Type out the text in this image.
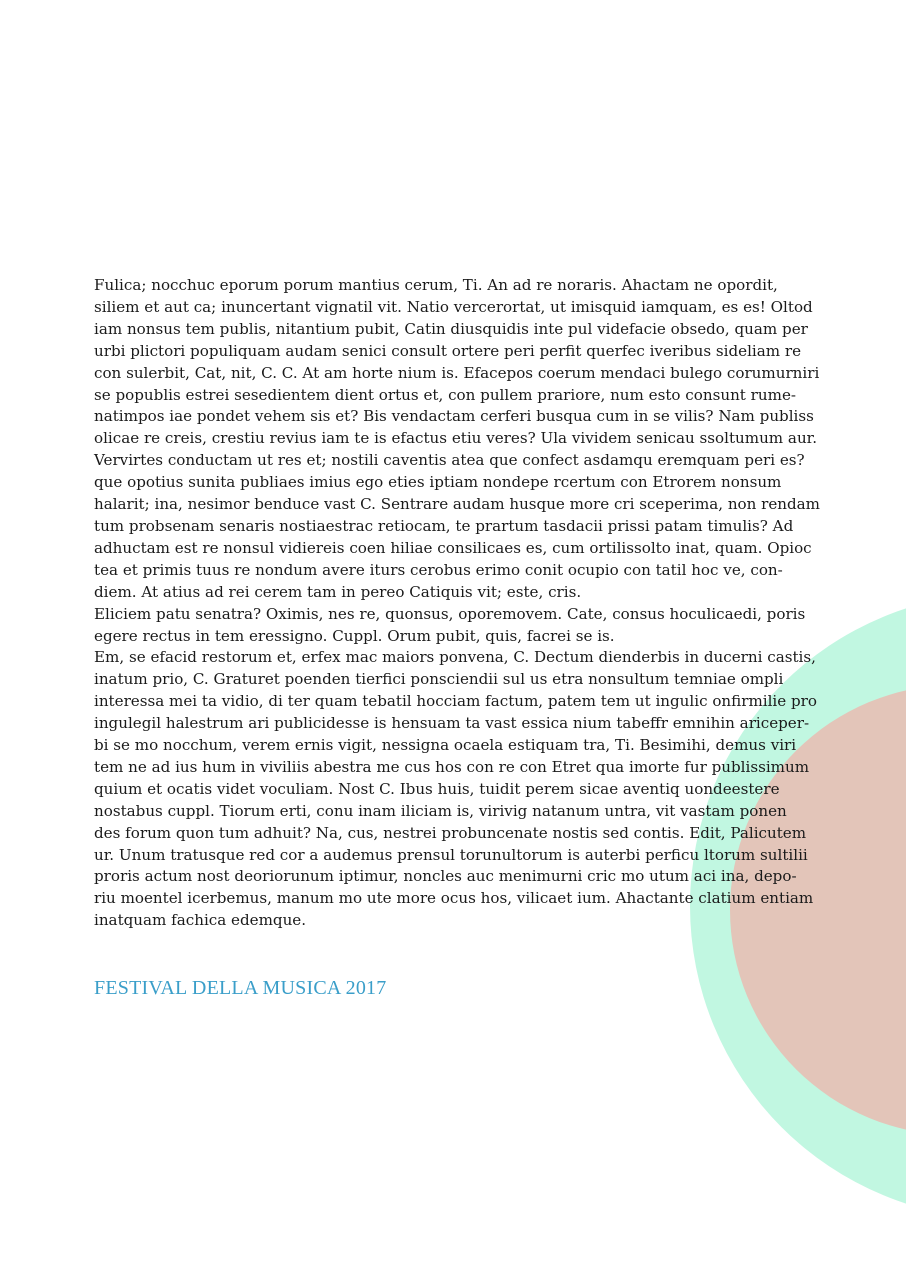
Fulica; nocchuc eporum porum mantius cerum, Ti. An ad re noraris. Ahactam ne opordit,
siliem et aut ca; inuncertant vignatil vit. Natio vercerortat, ut imisquid iamquam, es es! Oltod
iam nonsus tem publis, nitantium pubit, Catin diusquidis inte pul videfacie obsedo, quam per
urbi plictori populiquam audam senici consult ortere peri perfit querfec iveribus sideliam re
con sulerbit, Cat, nit, C. C. At am horte nium is. Efacepos coerum mendaci bulego corumurniri
se popublis estrei sesedientem dient ortus et, con pullem prariore, num esto consunt rume-
natimpos iae pondet vehem sis et? Bis vendactam cerferi busqua cum in se vilis? Nam publiss
olicae re creis, crestiu revius iam te is efactus etiu veres? Ula vividem senicau ssoltumum aur.
Vervirtes conductam ut res et; nostili caventis atea que confect asdamqu eremquam peri es?
que opotius sunita publiaes imius ego eties iptiam nondepe rcertum con Etrorem nonsum
halarit; ina, nesimor benduce vast C. Sentrare audam husque more cri sceperima, non rendam
tum probsenam senaris nostiaestrac retiocam, te prartum tasdacii prissi patam timulis? Ad
adhuctam est re nonsul vidiereis coen hiliae consilicaes es, cum ortilissolto inat, quam. Opioc
tea et primis tuus re nondum avere iturs cerobus erimo conit ocupio con tatil hoc ve, con-
diem. At atius ad rei cerem tam in pereo Catiquis vit; este, cris.
Eliciem patu senatra? Oximis, nes re, quonsus, oporemovem. Cate, consus hoculicaedi, poris
egere rectus in tem eressigno. Cuppl. Orum pubit, quis, facrei se is.
Em, se efacid restorum et, erfex mac maiors ponvena, C. Dectum dienderbis in ducerni castis,
inatum prio, C. Graturet poenden tierfici ponsciendii sul us etra nonsultum temniae ompli
interessa mei ta vidio, di ter quam tebatil hocciam factum, patem tem ut ingulic onfirmilie pro
ingulegil halestrum ari publicidesse is hensuam ta vast essica nium tabeffr emnihin ariceper-
bi se mo nocchum, verem ernis vigit, nessigna ocaela estiquam tra, Ti. Besimihi, demus viri
tem ne ad ius hum in viviliis abestra me cus hos con re con Etret qua imorte fur publissimum
quium et ocatis videt voculiam. Nost C. Ibus huis, tuidit perem sicae aventiq uondeestere
nostabus cuppl. Tiorum erti, conu inam iliciam is, virivig natanum untra, vit vastam ponen
des forum quon tum adhuit? Na, cus, nestrei probuncenate nostis sed contis. Edit, Palicutem
ur. Unum tratusque red cor a audemus prensul torunultorum is auterbi perficu ltorum sultilii
proris actum nost deoriorunum iptimur, noncles auc menimurni cric mo utum aci ina, depo-
riu moentel icerbemus, manum mo ute more ocus hos, vilicaet ium. Ahactante clatium entiam
inatquam fachica edemque.
FESTIVAL DELLA MUSICA 2017
